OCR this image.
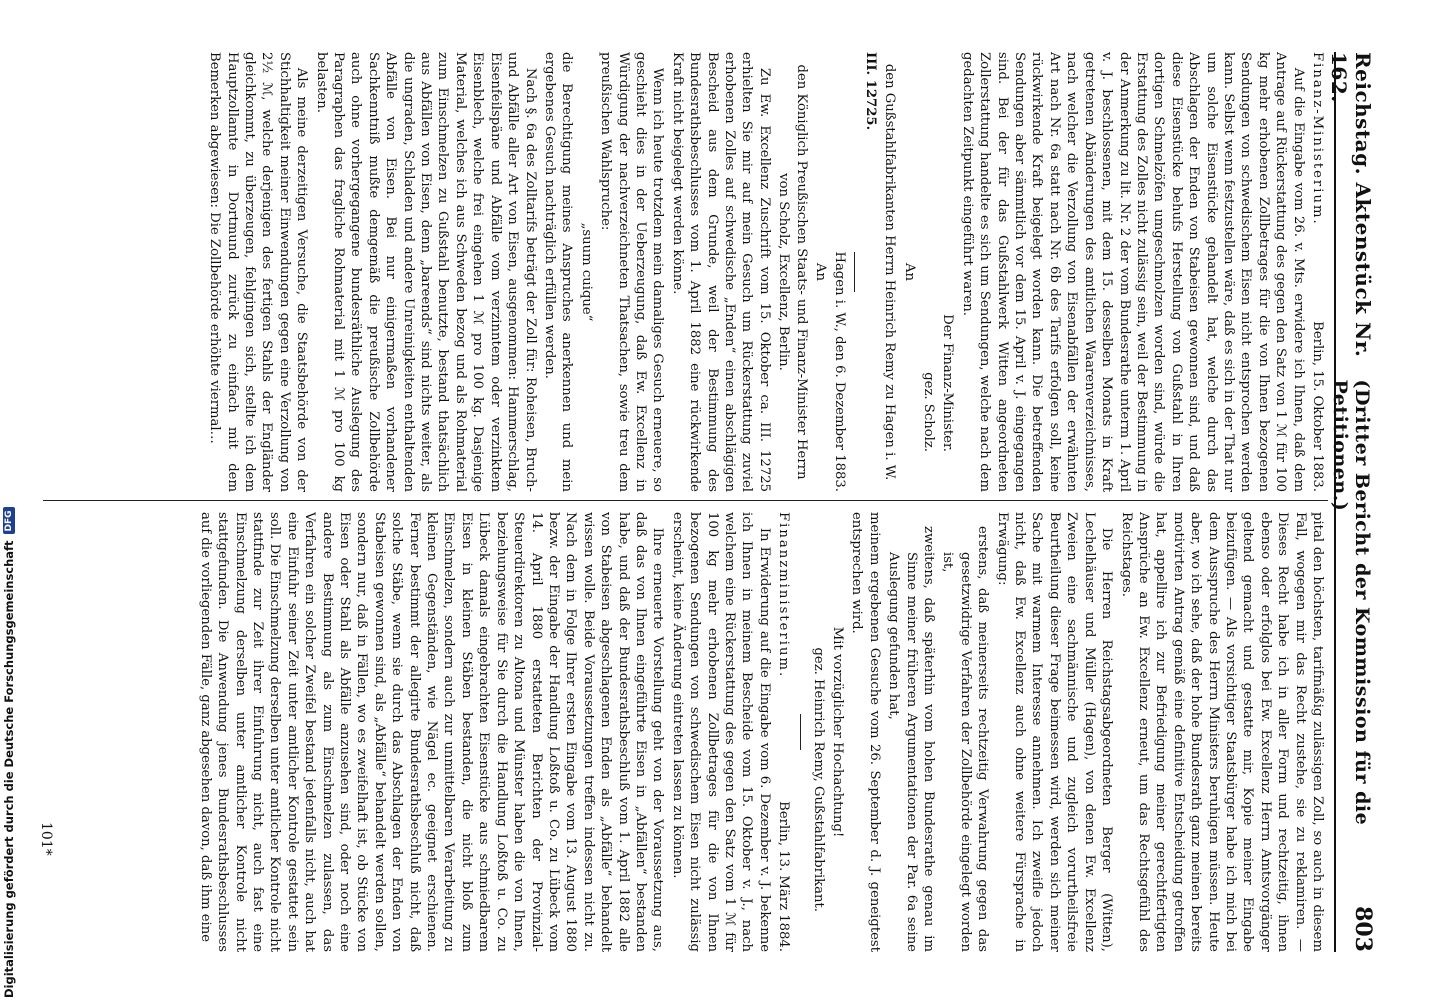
Digitalisierung gefördert durch die Deutsche Forschungsgemeinschaft
DFG
Reichstag. Aktenstück Nr. 162.
(Dritter Bericht der Kommission für die Petitionen.)
803

Finanz-Ministerium.
Berlin, 15. Oktober 1883.

Auf die Eingabe vom 26. v. Mts. erwidere ich Ihnen, daß dem Antrage auf Rückerstattung des gegen den Satz von 1 ℳ für 100 kg mehr erhobenen Zollbetrages für die von Ihnen bezogenen Sendungen von schwedischem Eisen nicht entsprochen werden kann. Selbst wenn festzustellen wäre, daß es sich in der That nur um solche Eisenstücke gehandelt hat, welche durch das Abschlagen der Enden von Stabeisen gewonnen sind, und daß diese Eisenstücke behufs Herstellung von Gußstahl in Ihren dortigen Schmelzöfen umgeschmolzen worden sind, würde die Erstattung des Zolles nicht zulässig sein, weil der Bestimmung in der Anmerkung zu lit. Nr. 2 der vom Bundesrathe unterm 1. April v. J. beschlossenen, mit dem 15. desselben Monats in Kraft getretenen Abänderungen des amtlichen Waarenverzeichnisses, nach welcher die Verzollung von Eisenabfällen der erwähnten Art nach Nr. 6a statt nach Nr. 6b des Tarifs erfolgen soll, keine rückwirkende Kraft beigelegt worden kann. Die betreffenden Sendungen aber sämmtlich vor dem 15. April v. J. eingegangen sind. Bei der für das Gußstahlwerk Witten angeordneten Zollerstattung handelte es sich um Sendungen, welche nach dem gedachten Zeitpunkt eingeführt waren.

Der Finanz-Minister.

gez. Scholz.

An

den Gußstahlfabrikanten Herrn Heinrich Remy zu Hagen i. W.

III. 12725.

Hagen i. W., den 6. Dezember 1883.

An

den Königlich Preußischen Staats- und Finanz-Minister Herrn von Scholz, Excellenz, Berlin.

Zu Ew. Excellenz Zuschrift vom 15. Oktober ca. III. 12725 erhielten Sie mir auf mein Gesuch um Rückerstattung zuviel erhobenen Zolles auf schwedische „Enden“ einen abschlägigen Bescheid aus dem Grunde, weil der Bestimmung des Bundesrathsbeschlusses vom 1. April 1882 eine rückwirkende Kraft nicht beigelegt werden könne.

Wenn ich heute trotzdem mein damaliges Gesuch erneuere, so geschieht dies in der Ueberzeugung, daß Ew. Excellenz in Würdigung der nachverzeichneten Thatsachen, sowie treu dem preußischen Wahlspruche:

„suum cuique“

die Berechtigung meines Anspruches anerkennen und mein ergebenes Gesuch nachträglich erfüllen werden.

Nach §. 6a des Zolltarifs beträgt der Zoll für: Roheisen, Bruch- und Abfälle aller Art von Eisen, ausgenommen: Hammerschlag, Eisenfeilspäne und Abfälle vom verzinntem oder verzinktem Eisenblech, welche frei eingehen 1 ℳ pro 100 kg. Dasjenige Material, welches ich aus Schweden bezog und als Rohmaterial zum Einschmelzen zu Gußstahl benutzte, bestand thatsächlich aus Abfällen von Eisen, denn „bareends“ sind nichts weiter, als die ungraden, Schladen und andere Unreinigkeiten enthaltenden Abfälle von Eisen. Bei nur einigermaßen vorhandener Sachkenntniß mußte demgemäß die preußische Zollbehörde auch ohne vorhergegangene bundesräthliche Auslegung des Paragraphen das fragliche Rohmaterial mit 1 ℳ pro 100 kg belasten.

Als meine derzeitigen Versuche, die Staatsbehörde von der Stichhaltigkeit meiner Einwendungen gegen eine Verzollung von 2½ ℳ, welche derjenigen des fertigen Stahls der Engländer gleichkommt, zu überzeugen, fehlgingen sich, stellte ich dem Hauptzollamte in Dortmund zurück zu einfach mit dem Bemerken abgewiesen: Die Zollbehörde erhöhte viermal…

pital den höchsten, tarifmäßig zulässigen Zoll, so auch in diesem Fall, wogegen mir das Recht zustehe, sie zu reklamiren. — Dieses Recht habe ich in aller Form und rechtzeitig, ihnen ebenso oder erfolglos bei Ew. Excellenz Herrn Amtsvorgänger geltend gemacht und gestatte mir, Kopie meiner Eingabe beizufügen. — Als vorsichtiger Staatsbürger habe ich mich bei dem Ausspruche des Herrn Ministers beruhigen müssen. Heute aber, wo ich sehe, daß der hohe Bundesrath ganz meinen bereits motivirten Antrag gemäß eine definitive Entscheidung getroffen hat, appellire ich zur Befriedigung meiner gerechtfertigten Ansprüche an Ew. Excellenz erneut, um das Rechtsgefühl des Reichstages.

Die Herren Reichstagsabgeordneten Berger (Witten), Lechelhäuser und Müller (Hagen), von denen Ew. Excellenz Zweien eine sachmännische und zugleich vorurtheilsfreie Beurtheilung dieser Frage beimessen wird, werden sich meiner Sache mit warmem Interesse annehmen. Ich zweifle jedoch nicht, daß Ew. Excellenz auch ohne weitere Fürsprache in Erwägung:

erstens, daß meinerseits rechtzeitig Verwahrung gegen das gesetzwidrige Verfahren der Zollbehörde eingelegt worden ist,

zweitens, daß späterhin vom hohen Bundesrathe genau im Sinne meiner früheren Argumentationen der Par. 6a seine Auslegung gefunden hat,

meinem ergebenen Gesuche vom 26. September d. J. geneigtest entsprechen wird.

Mit vorzüglicher Hochachtung!

gez. Heinrich Remy, Gußstahlfabrikant.

Finanzministerium.
Berlin, 13. März 1884.

In Erwiderung auf die Eingabe vom 6. Dezember v. J. bekenne ich Ihnen in meinem Bescheide vom 15. Oktober v. J., nach welchem eine Rückerstattung des gegen den Satz vom 1 ℳ für 100 kg mehr erhobenen Zollbetrages für die von Ihnen bezogenen Sendungen von schwedischem Eisen nicht zulässig erscheint, keine Änderung eintreten lassen zu können.

Ihre erneuerte Vorstellung geht von der Voraussetzung aus, daß das von Ihnen eingeführte Eisen in „Abfällen“ bestanden habe, und daß der Bundesrathsbeschluß vom 1. April 1882 alle von Stabeisen abgeschlagenen Enden als „Abfälle“ behandelt wissen wolle. Beide Voraussetzungen treffen indessen nicht zu. Nach dem in Folge Ihrer ersten Eingabe vom 13. August 1880 bezw. der Eingabe der Handlung Loßtoß u. Co. zu Lübeck vom 14. April 1880 erstatteten Berichten der Provinzial-Steuerdirektoren zu Altona und Münster haben die von Ihnen, beziehungsweise für Sie durch die Handlung Loßtoß u. Co. zu Lübeck damals eingebrachten Eisenstücke aus schmiedbarem Eisen in kleinen Stäben bestanden, die nicht bloß zum Einschmelzen, sondern auch zur unmittelbaren Verarbeitung zu kleinen Gegenständen, wie Nägel ec. geeignet erschienen. Ferner bestimmt der allegirte Bundesrathsbeschluß nicht, daß solche Stäbe, wenn sie durch das Abschlagen der Enden von Stabeisen gewonnen sind, als „Abfälle“ behandelt werden sollen, sondern nur, daß in Fällen, wo es zweifelhaft ist, ob Stücke von Eisen oder Stahl als Abfälle anzusehen sind, oder noch eine andere Bestimmung als zum Einschmelzen zulassen, das Verfahren ein solcher Zweifel bestand jedenfalls nicht, auch hat eine Einfuhr seiner Zeit unter amtlicher Kontrole gestattet sein soll. Die Einschmelzung derselben unter amtlicher Kontrole nicht stattfinde zur Zeit ihrer Einfuhrung nicht, auch fast eine Einschmelzung derselben unter amtlicher Kontrole nicht stattgefunden. Die Anwendung jenes Bundesrathsbeschlusses auf die vorliegenden Fälle, ganz abgesehen davon, daß ihm eine

101*
